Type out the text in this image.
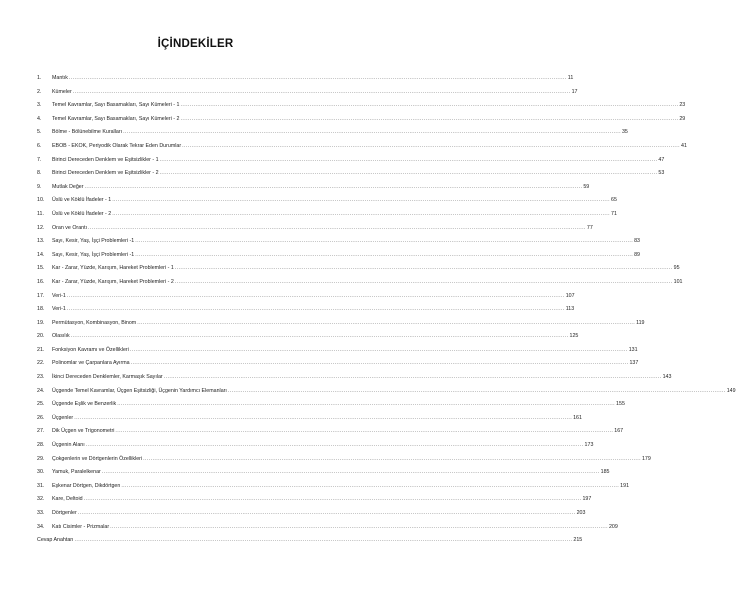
İÇİNDEKİLER
1.	Mantık .....	11
2.	Kümeler .....	17
3.	Temel Kavramlar, Sayı Basamakları, Sayı Kümeleri - 1 .....	23
4.	Temel Kavramlar, Sayı Basamakları, Sayı Kümeleri - 2 .....	29
5.	Bölme - Bölünebilme Kuralları .....	35
6.	EBOB - EKOK, Periyodik Olarak Tekrar Eden Durumlar .....	41
7.	Birinci Dereceden Denklem ve Eşitsizlikler - 1 .....	47
8.	Birinci Dereceden Denklem ve Eşitsizlikler - 2 .....	53
9.	Mutlak Değer .....	59
10.	Üslü ve Köklü İfadeler - 1 .....	65
11.	Üslü ve Köklü İfadeler - 2 .....	71
12.	Oran ve Orantı .....	77
13.	Sayı, Kesir, Yaş, İşçi Problemleri -1 .....	83
14.	Sayı, Kesir, Yaş, İşçi Problemleri -1 .....	89
15.	Kar - Zarar, Yüzde, Karışım, Hareket Problemleri - 1 .....	95
16.	Kar - Zarar, Yüzde, Karışım, Hareket Problemleri - 2 .....	101
17.	Veri-1 .....	107
18.	Veri-1 .....	113
19.	Permütasyon, Kombinasyon, Binom .....	119
20.	Olasılık .....	125
21.	Fonksiyon Kavramı ve Özellikleri .....	131
22.	Polinomlar ve Çarpanlara Ayırma .....	137
23.	İkinci Dereceden Denklemler, Karmaşık Sayılar .....	143
24.	Üçgende Temel Kavramlar, Üçgen Eşitsizliği, Üçgenin Yardımcı Elemanları .....	149
25.	Üçgende Eşlik ve Benzerlik .....	155
26.	Üçgenler .....	161
27.	Dik Üçgen ve Trigonometri .....	167
28.	Üçgenin Alanı .....	173
29.	Çokgenlerin ve Dörtgenlerin Özellikleri .....	179
30.	Yamuk, Paralelkenar .....	185
31.	Eşkenar Dörtgen, Dikdörtgen .....	191
32.	Kare, Deltoid .....	197
33.	Dörtgenler .....	203
34.	Katı Cisimler - Prizmalar .....	209
Cevap Anahtarı .....	215
